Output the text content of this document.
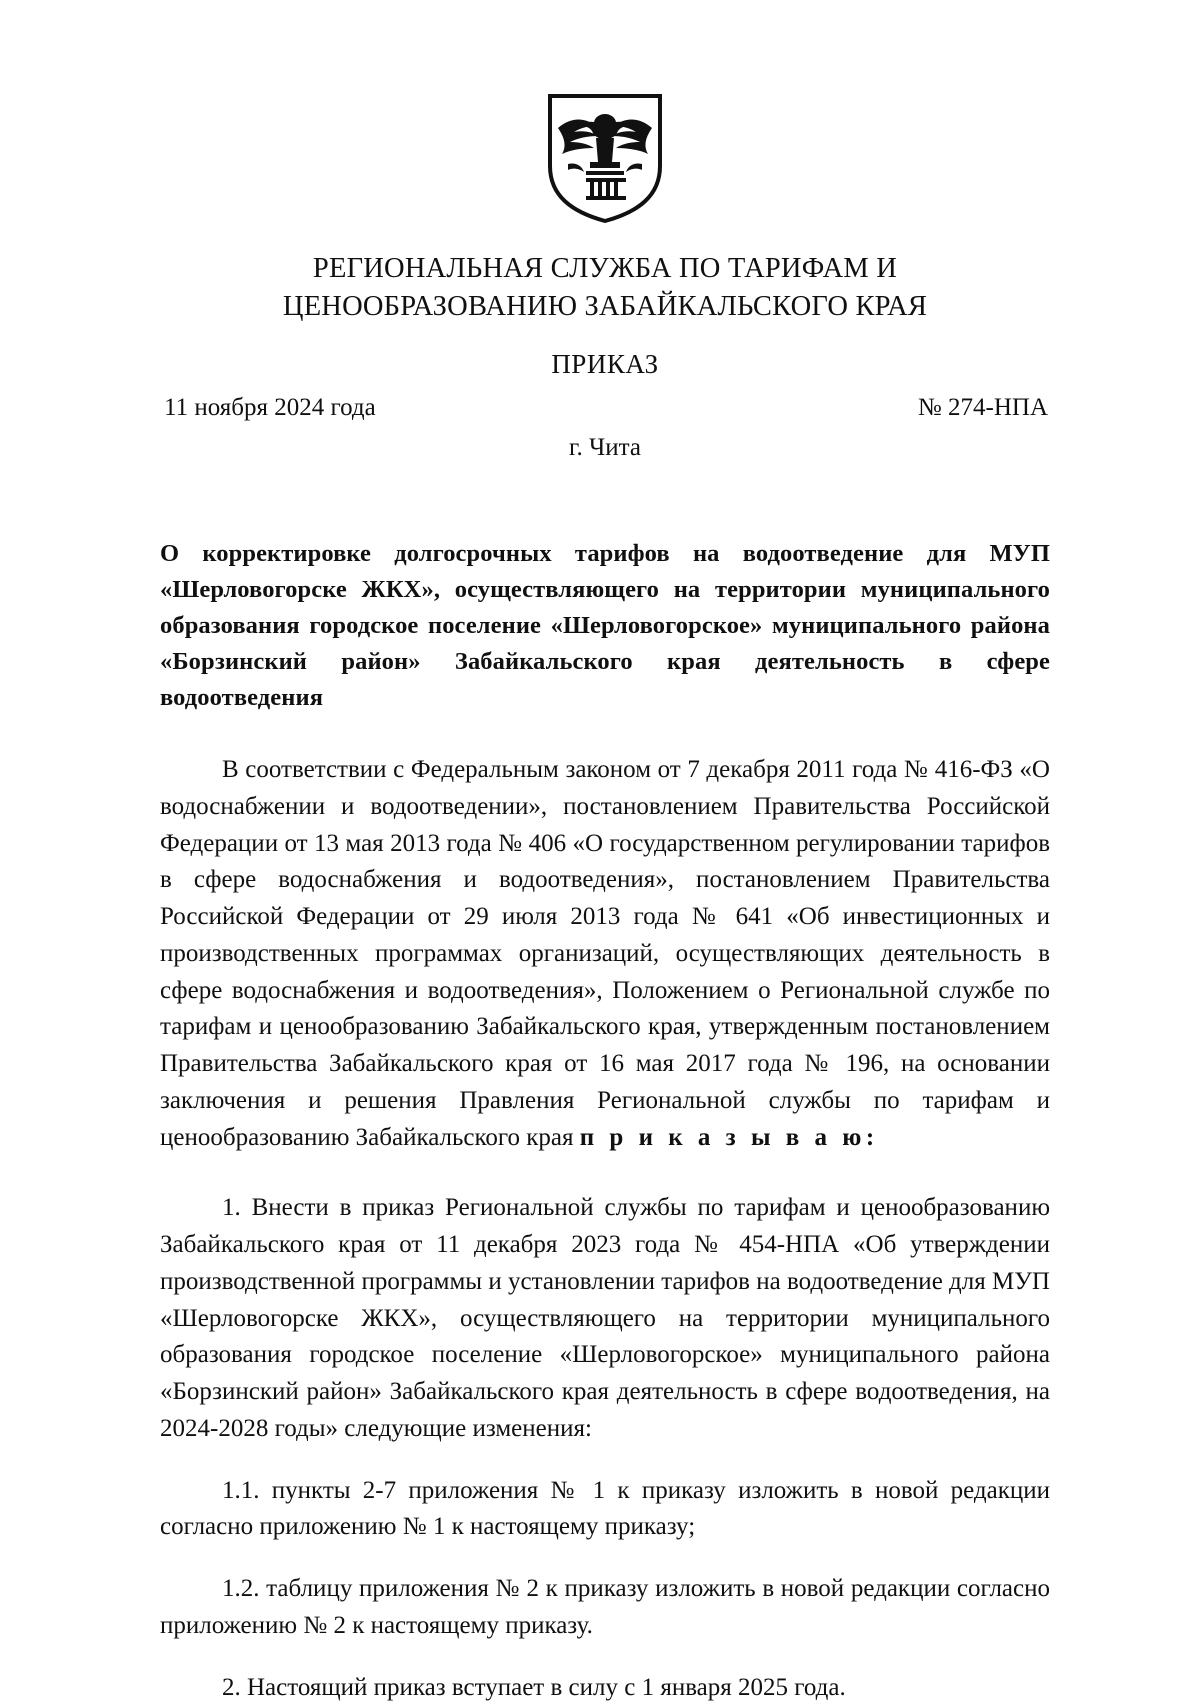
РЕГИОНАЛЬНАЯ СЛУЖБА ПО ТАРИФАМ И
ЦЕНООБРАЗОВАНИЮ ЗАБАЙКАЛЬСКОГО КРАЯ
ПРИКАЗ
11 ноября 2024 года	№ 274-НПА
г. Чита
О корректировке долгосрочных тарифов на водоотведение для МУП «Шерловогорске ЖКХ», осуществляющего на территории муниципального образования городское поселение «Шерловогорское» муниципального района «Борзинский район» Забайкальского края деятельность в сфере водоотведения

В соответствии с Федеральным законом от 7 декабря 2011 года № 416-ФЗ «О водоснабжении и водоотведении», постановлением Правительства Российской Федерации от 13 мая 2013 года № 406 «О государственном регулировании тарифов в сфере водоснабжения и водоотведения», постановлением Правительства Российской Федерации от 29 июля 2013 года № 641 «Об инвестиционных и производственных программах организаций, осуществляющих деятельность в сфере водоснабжения и водоотведения», Положением о Региональной службе по тарифам и ценообразованию Забайкальского края, утвержденным постановлением Правительства Забайкальского края от 16 мая 2017 года № 196, на основании заключения и решения Правления Региональной службы по тарифам и ценообразованию Забайкальского края п р и к а з ы в а ю:

1. Внести в приказ Региональной службы по тарифам и ценообразованию Забайкальского края от 11 декабря 2023 года № 454-НПА «Об утверждении производственной программы и установлении тарифов на водоотведение для МУП «Шерловогорске ЖКХ», осуществляющего на территории муниципального образования городское поселение «Шерловогорское» муниципального района «Борзинский район» Забайкальского края деятельность в сфере водоотведения, на 2024-2028 годы» следующие изменения:

1.1. пункты 2-7 приложения № 1 к приказу изложить в новой редакции согласно приложению № 1 к настоящему приказу;

1.2. таблицу приложения № 2 к приказу изложить в новой редакции согласно приложению № 2 к настоящему приказу.

2. Настоящий приказ вступает в силу с 1 января 2025 года.
